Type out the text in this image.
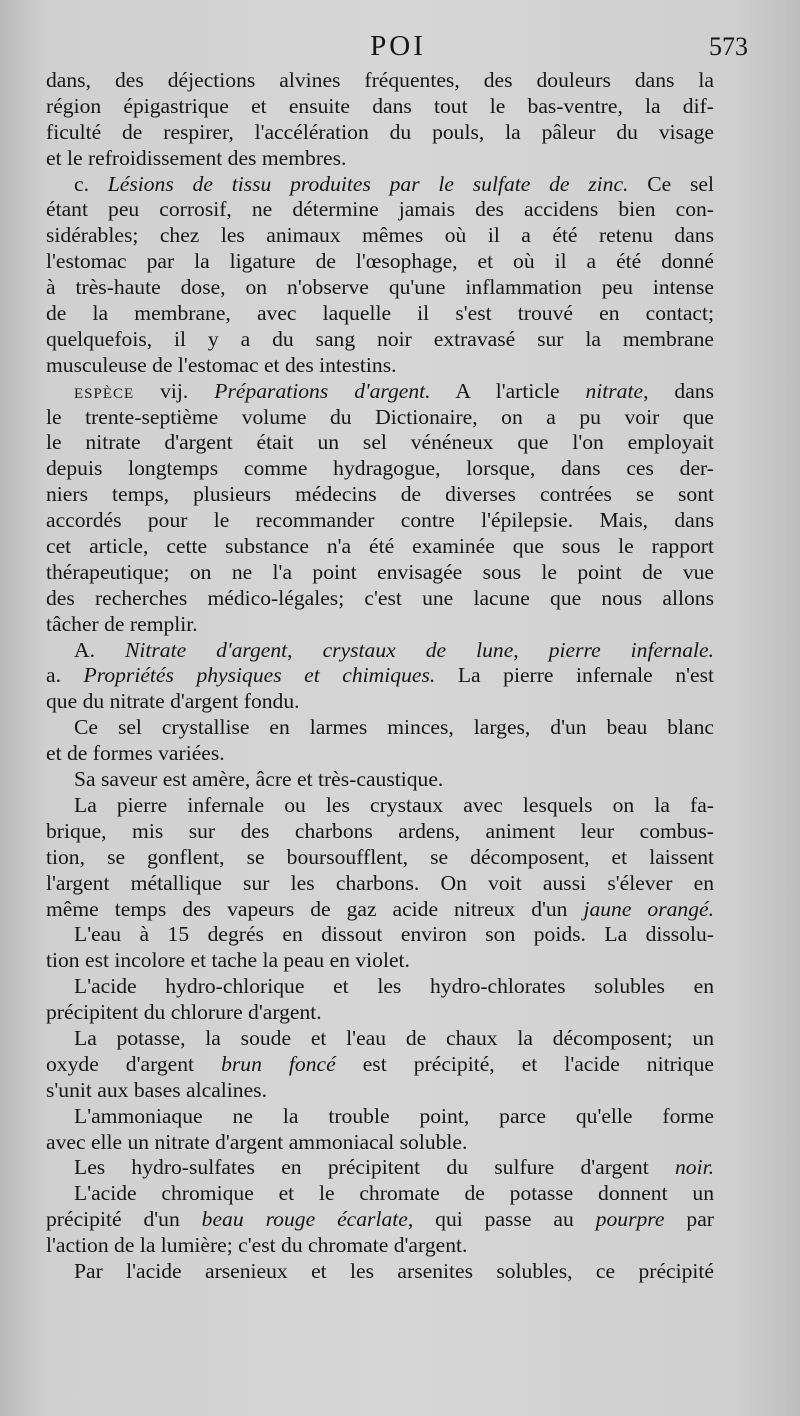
POI	573
dans, des déjections alvines fréquentes, des douleurs dans la
région épigastrique et ensuite dans tout le bas-ventre, la dif-
ficulté de respirer, l'accélération du pouls, la pâleur du visage
et le refroidissement des membres.
c. Lésions de tissu produites par le sulfate de zinc. Ce sel
étant peu corrosif, ne détermine jamais des accidens bien con-
sidérables; chez les animaux mêmes où il a été retenu dans
l'estomac par la ligature de l'œsophage, et où il a été donné
à très-haute dose, on n'observe qu'une inflammation peu intense
de la membrane, avec laquelle il s'est trouvé en contact;
quelquefois, il y a du sang noir extravasé sur la membrane
musculeuse de l'estomac et des intestins.
espèce vij. Préparations d'argent. A l'article nitrate, dans
le trente-septième volume du Dictionaire, on a pu voir que
le nitrate d'argent était un sel vénéneux que l'on employait
depuis longtemps comme hydragogue, lorsque, dans ces der-
niers temps, plusieurs médecins de diverses contrées se sont
accordés pour le recommander contre l'épilepsie. Mais, dans
cet article, cette substance n'a été examinée que sous le rapport
thérapeutique; on ne l'a point envisagée sous le point de vue
des recherches médico-légales; c'est une lacune que nous allons
tâcher de remplir.
A. Nitrate d'argent, crystaux de lune, pierre infernale.
a. Propriétés physiques et chimiques. La pierre infernale n'est
que du nitrate d'argent fondu.
Ce sel crystallise en larmes minces, larges, d'un beau blanc
et de formes variées.
Sa saveur est amère, âcre et très-caustique.
La pierre infernale ou les crystaux avec lesquels on la fa-
brique, mis sur des charbons ardens, animent leur combus-
tion, se gonflent, se boursoufflent, se décomposent, et laissent
l'argent métallique sur les charbons. On voit aussi s'élever en
même temps des vapeurs de gaz acide nitreux d'un jaune orangé.
L'eau à 15 degrés en dissout environ son poids. La dissolu-
tion est incolore et tache la peau en violet.
L'acide hydro-chlorique et les hydro-chlorates solubles en
précipitent du chlorure d'argent.
La potasse, la soude et l'eau de chaux la décomposent; un
oxyde d'argent brun foncé est précipité, et l'acide nitrique
s'unit aux bases alcalines.
L'ammoniaque ne la trouble point, parce qu'elle forme
avec elle un nitrate d'argent ammoniacal soluble.
Les hydro-sulfates en précipitent du sulfure d'argent noir.
L'acide chromique et le chromate de potasse donnent un
précipité d'un beau rouge écarlate, qui passe au pourpre par
l'action de la lumière; c'est du chromate d'argent.
Par l'acide arsenieux et les arsenites solubles, ce précipité
